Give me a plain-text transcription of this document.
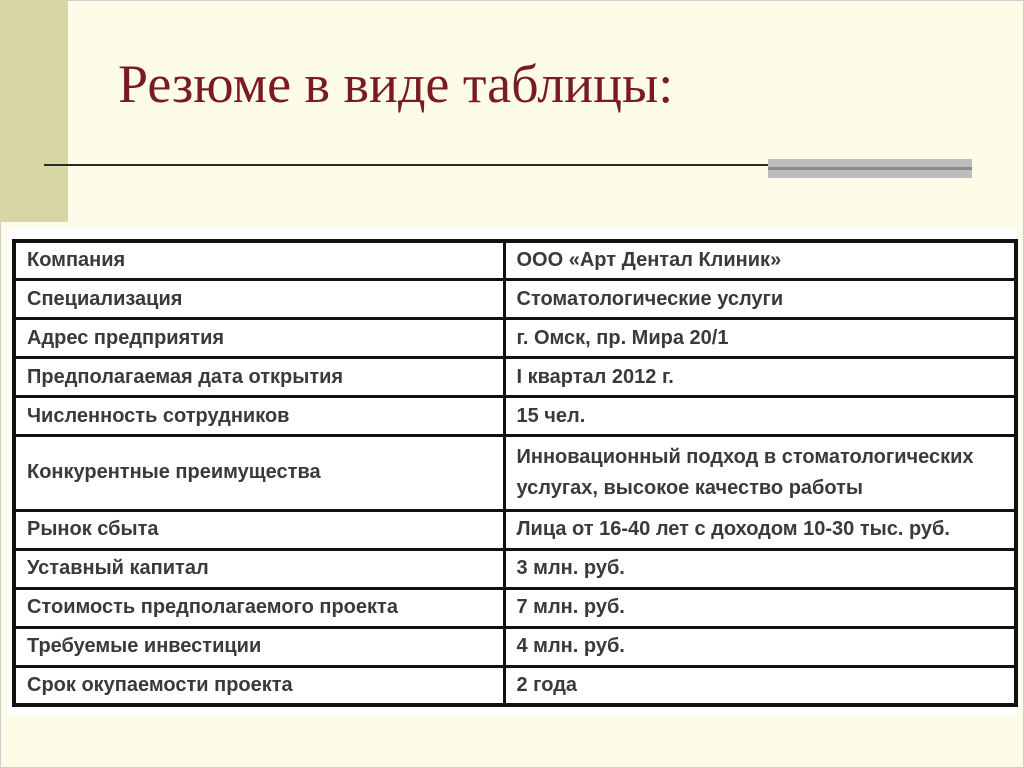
Резюме в виде таблицы:
Компания	ООО «Арт Дентал Клиник»
Специализация	Стоматологические услуги
Адрес предприятия	г. Омск, пр. Мира 20/1
Предполагаемая дата открытия	I квартал 2012 г.
Численность сотрудников	15 чел.
Конкурентные преимущества	Инновационный подход в стоматологических услугах, высокое качество работы
Рынок сбыта	Лица от 16-40 лет с доходом 10-30 тыс. руб.
Уставный капитал	3 млн. руб.
Стоимость предполагаемого проекта	7 млн. руб.
Требуемые инвестиции	4 млн. руб.
Срок окупаемости проекта	2 года
